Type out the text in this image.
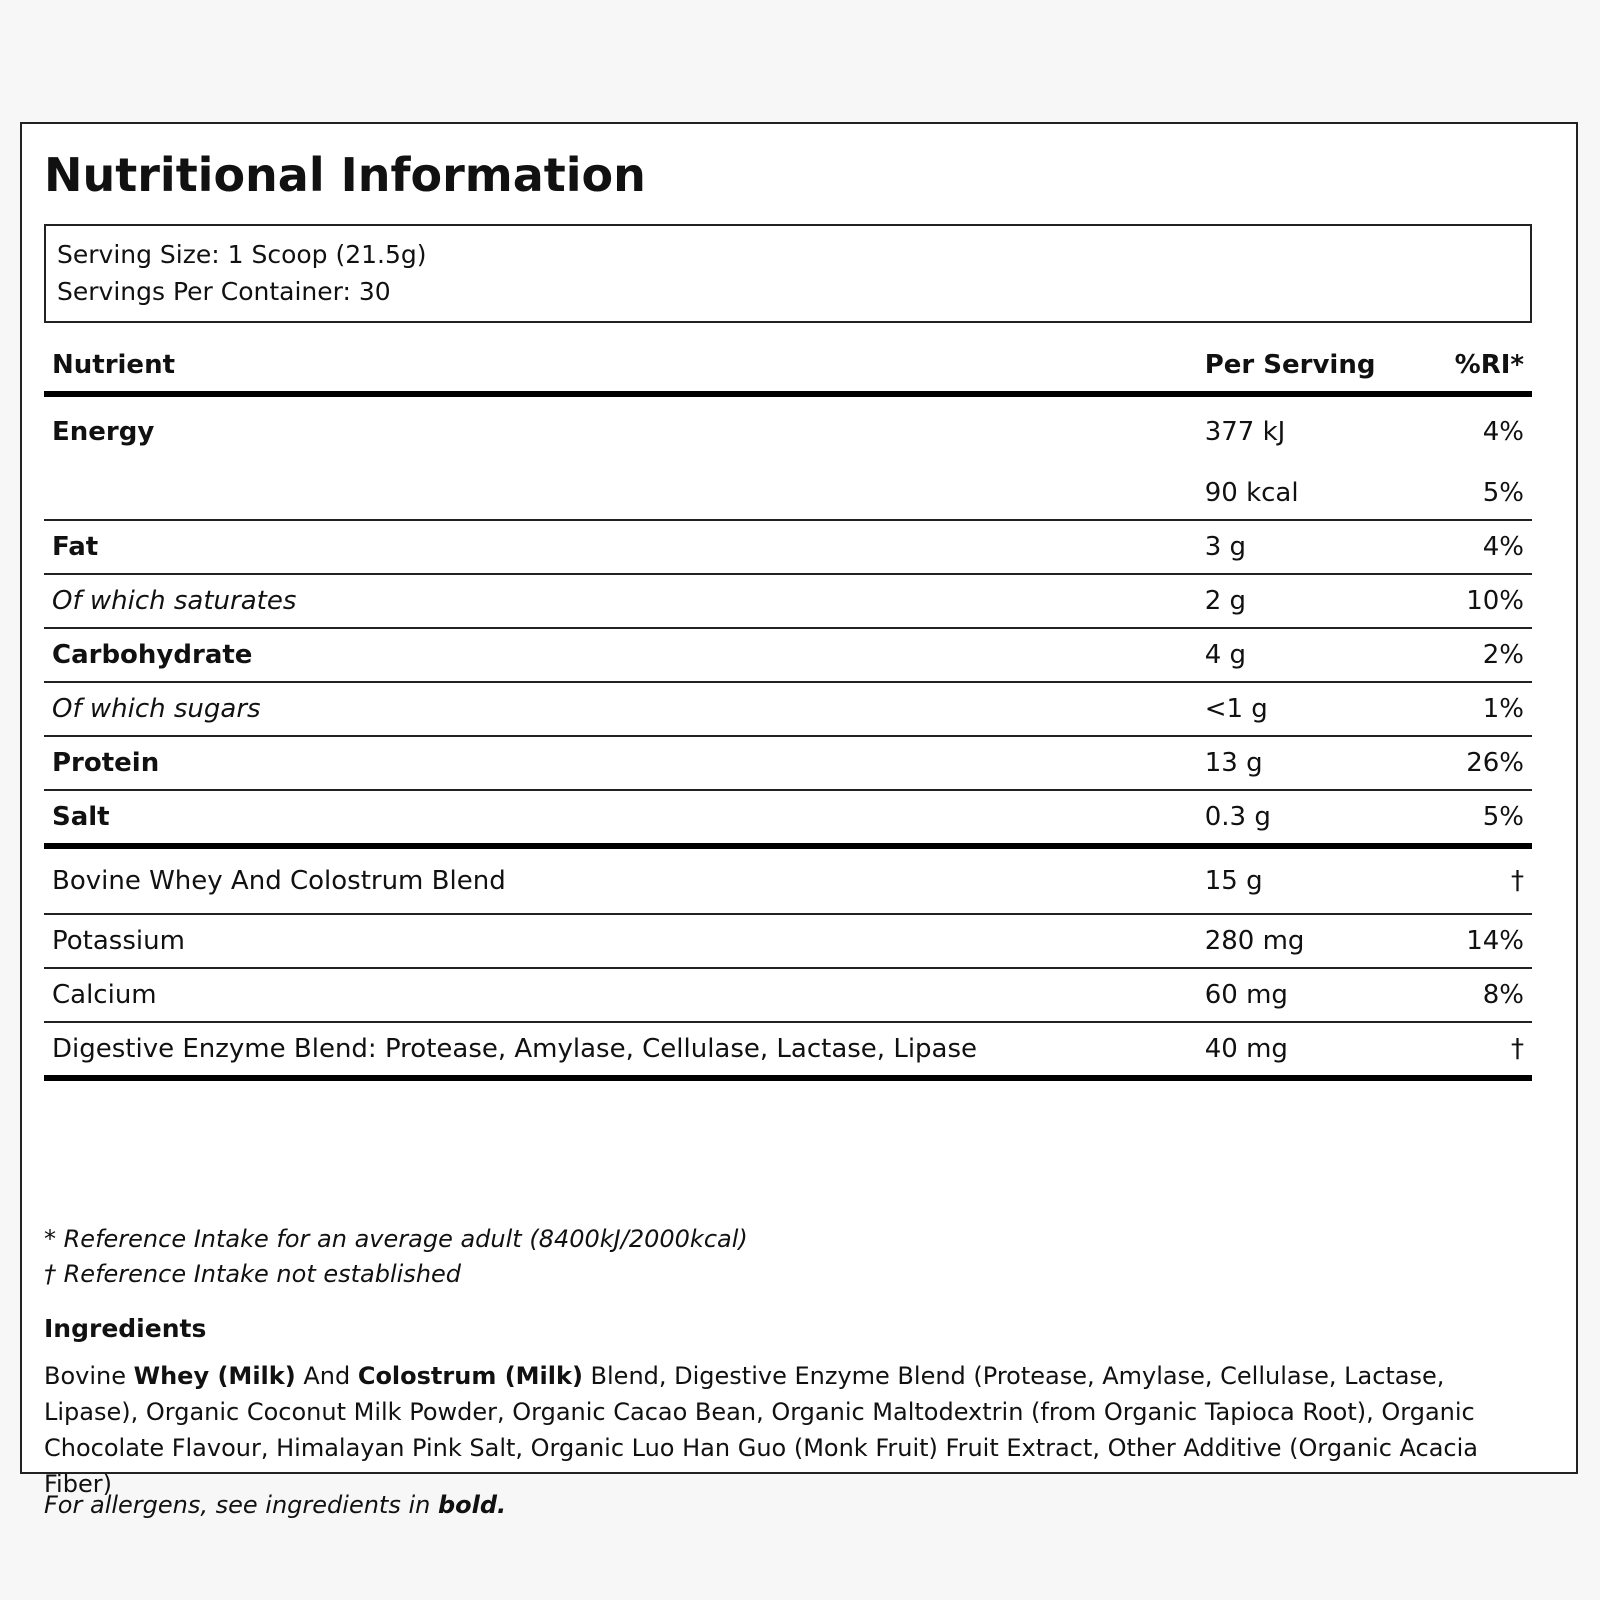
Nutritional Information
Serving Size: 1 Scoop (21.5g)
Servings Per Container: 30
Nutrient	Per Serving	%RI*
Energy	377 kJ	4%
	90 kcal	5%
Fat	3 g	4%
Of which saturates	2 g	10%
Carbohydrate	4 g	2%
Of which sugars	<1 g	1%
Protein	13 g	26%
Salt	0.3 g	5%
Bovine Whey And Colostrum Blend	15 g	†
Potassium	280 mg	14%
Calcium	60 mg	8%
Digestive Enzyme Blend: Protease, Amylase, Cellulase, Lactase, Lipase	40 mg	†
* Reference Intake for an average adult (8400kJ/2000kcal)
† Reference Intake not established
Ingredients
Bovine Whey (Milk) And Colostrum (Milk) Blend, Digestive Enzyme Blend (Protease, Amylase, Cellulase, Lactase, Lipase), Organic Coconut Milk Powder, Organic Cacao Bean, Organic Maltodextrin (from Organic Tapioca Root), Organic Chocolate Flavour, Himalayan Pink Salt, Organic Luo Han Guo (Monk Fruit) Fruit Extract, Other Additive (Organic Acacia Fiber)
For allergens, see ingredients in bold.
